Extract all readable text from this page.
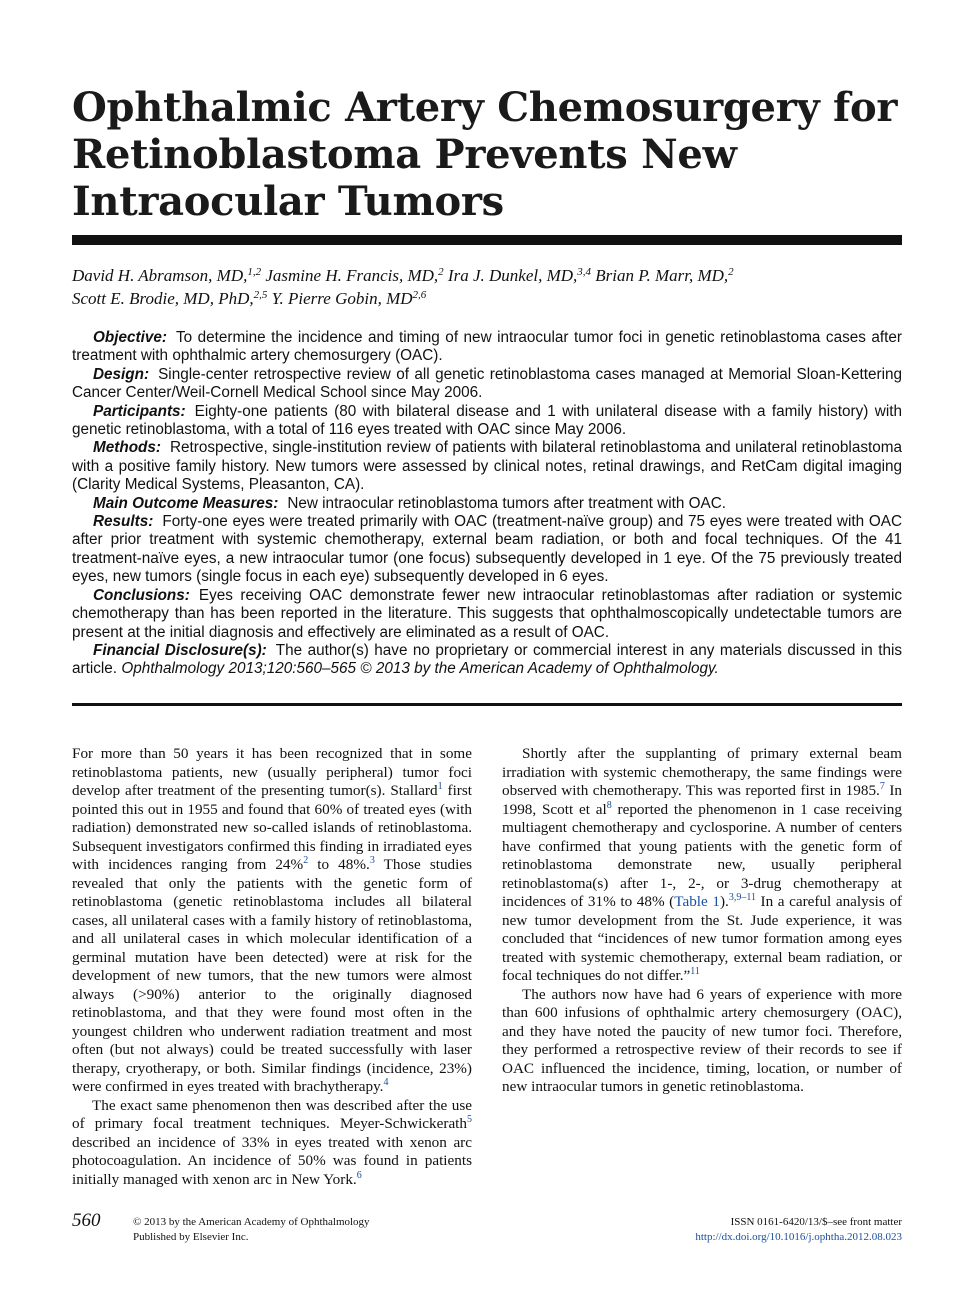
Ophthalmic Artery Chemosurgery for Retinoblastoma Prevents New Intraocular Tumors
David H. Abramson, MD,$^{1,2}$ Jasmine H. Francis, MD,$^2$ Ira J. Dunkel, MD,$^{3,4}$ Brian P. Marr, MD,$^2$
Scott E. Brodie, MD, PhD,$^{2,5}$ Y. Pierre Gobin, MD$^{2,6}$

Objective: To determine the incidence and timing of new intraocular tumor foci in genetic retinoblastoma cases after treatment with ophthalmic artery chemosurgery (OAC).

Design: Single-center retrospective review of all genetic retinoblastoma cases managed at Memorial Sloan-Kettering Cancer Center/Weil-Cornell Medical School since May 2006.

Participants: Eighty-one patients (80 with bilateral disease and 1 with unilateral disease with a family history) with genetic retinoblastoma, with a total of 116 eyes treated with OAC since May 2006.

Methods: Retrospective, single-institution review of patients with bilateral retinoblastoma and unilateral retinoblastoma with a positive family history. New tumors were assessed by clinical notes, retinal drawings, and RetCam digital imaging (Clarity Medical Systems, Pleasanton, CA).

Main Outcome Measures: New intraocular retinoblastoma tumors after treatment with OAC.

Results: Forty-one eyes were treated primarily with OAC (treatment-naïve group) and 75 eyes were treated with OAC after prior treatment with systemic chemotherapy, external beam radiation, or both and focal techniques. Of the 41 treatment-naïve eyes, a new intraocular tumor (one focus) subsequently developed in 1 eye. Of the 75 previously treated eyes, new tumors (single focus in each eye) subsequently developed in 6 eyes.

Conclusions: Eyes receiving OAC demonstrate fewer new intraocular retinoblastomas after radiation or systemic chemotherapy than has been reported in the literature. This suggests that ophthalmoscopically undetectable tumors are present at the initial diagnosis and effectively are eliminated as a result of OAC.

Financial Disclosure(s): The author(s) have no proprietary or commercial interest in any materials discussed in this article. Ophthalmology 2013;120:560–565 © 2013 by the American Academy of Ophthalmology.

For more than 50 years it has been recognized that in some retinoblastoma patients, new (usually peripheral) tumor foci develop after treatment of the presenting tumor(s). Stallard$^1$ first pointed this out in 1955 and found that 60% of treated eyes (with radiation) demonstrated new so-called islands of retinoblastoma. Subsequent investigators confirmed this finding in irradiated eyes with incidences ranging from 24%$^2$ to 48%.$^3$ Those studies revealed that only the patients with the genetic form of retinoblastoma (genetic retinoblastoma includes all bilateral cases, all unilateral cases with a family history of retinoblastoma, and all unilateral cases in which molecular identification of a germinal mutation have been detected) were at risk for the development of new tumors, that the new tumors were almost always (>90%) anterior to the originally diagnosed retinoblastoma, and that they were found most often in the youngest children who underwent radiation treatment and most often (but not always) could be treated successfully with laser therapy, cryotherapy, or both. Similar findings (incidence, 23%) were confirmed in eyes treated with brachytherapy.$^4$

The exact same phenomenon then was described after the use of primary focal treatment techniques. Meyer-Schwickerath$^5$ described an incidence of 33% in eyes treated with xenon arc photocoagulation. An incidence of 50% was found in patients initially managed with xenon arc in New York.$^6$

Shortly after the supplanting of primary external beam irradiation with systemic chemotherapy, the same findings were observed with chemotherapy. This was reported first in 1985.$^7$ In 1998, Scott et $al^8$ reported the phenomenon in 1 case receiving multiagent chemotherapy and cyclosporine. A number of centers have confirmed that young patients with the genetic form of retinoblastoma demonstrate new, usually peripheral retinoblastoma(s) after 1-, 2-, or 3-drug chemotherapy at incidences of 31% to 48% (Table 1).$^{3,9-11}$ In a careful analysis of new tumor development from the St. Jude experience, it was concluded that “incidences of new tumor formation among eyes treated with systemic chemotherapy, external beam radiation, or focal techniques do not differ.”$^{11}$

The authors now have had 6 years of experience with more than 600 infusions of ophthalmic artery chemosurgery (OAC), and they have noted the paucity of new tumor foci. Therefore, they performed a retrospective review of their records to see if OAC influenced the incidence, timing, location, or number of new intraocular tumors in genetic retinoblastoma.

560	© 2013 by the American Academy of Ophthalmology
Published by Elsevier Inc.
ISSN 0161-6420/13/$–see front matter
http://dx.doi.org/10.1016/j.ophtha.2012.08.023
